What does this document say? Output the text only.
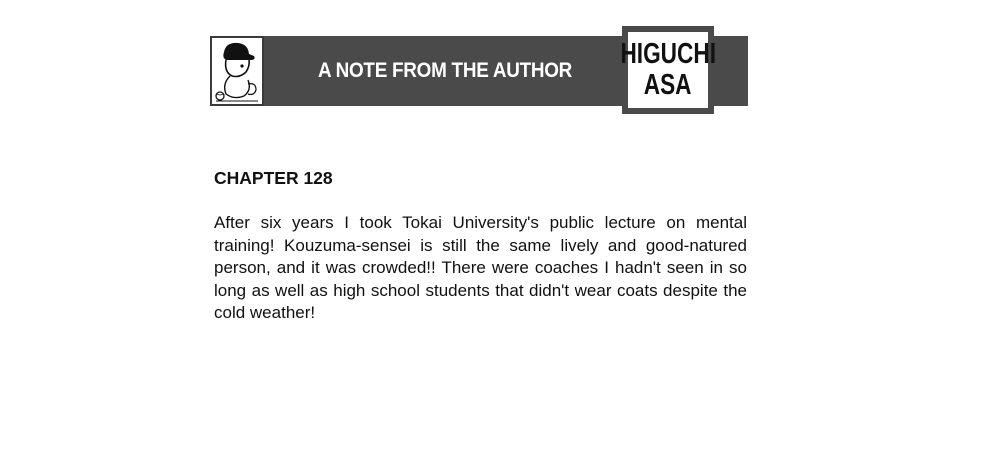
A NOTE FROM THE AUTHOR
HIGUCHI
ASA
CHAPTER 128

After six years I took Tokai University's public lecture on mental training! Kouzuma-sensei is still the same lively and good-natured person, and it was crowded!! There were coaches I hadn't seen in so long as well as high school students that didn't wear coats despite the cold weather!
